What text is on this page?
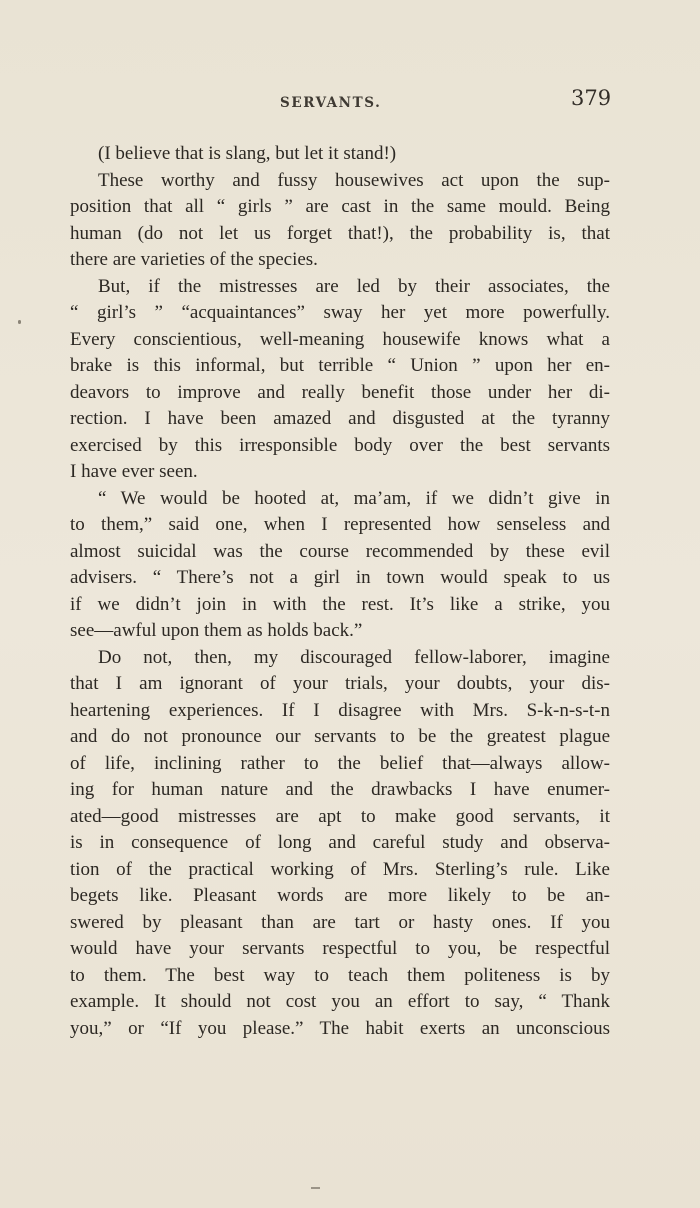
SERVANTS.	379
(I believe that is slang, but let it stand!)
These worthy and fussy housewives act upon the sup-
position that all “ girls ” are cast in the same mould. Being
human (do not let us forget that!), the probability is, that
there are varieties of the species.
But, if the mistresses are led by their associates, the
“ girl’s ” “acquaintances” sway her yet more powerfully.
Every conscientious, well-meaning housewife knows what a
brake is this informal, but terrible “ Union ” upon her en-
deavors to improve and really benefit those under her di-
rection. I have been amazed and disgusted at the tyranny
exercised by this irresponsible body over the best servants
I have ever seen.
“ We would be hooted at, ma’am, if we didn’t give in
to them,” said one, when I represented how senseless and
almost suicidal was the course recommended by these evil
advisers. “ There’s not a girl in town would speak to us
if we didn’t join in with the rest. It’s like a strike, you
see—awful upon them as holds back.”
Do not, then, my discouraged fellow-laborer, imagine
that I am ignorant of your trials, your doubts, your dis-
heartening experiences. If I disagree with Mrs. S-k-n-s-t-n
and do not pronounce our servants to be the greatest plague
of life, inclining rather to the belief that—always allow-
ing for human nature and the drawbacks I have enumer-
ated—good mistresses are apt to make good servants, it
is in consequence of long and careful study and observa-
tion of the practical working of Mrs. Sterling’s rule. Like
begets like. Pleasant words are more likely to be an-
swered by pleasant than are tart or hasty ones. If you
would have your servants respectful to you, be respectful
to them. The best way to teach them politeness is by
example. It should not cost you an effort to say, “ Thank
you,” or “If you please.” The habit exerts an unconscious
